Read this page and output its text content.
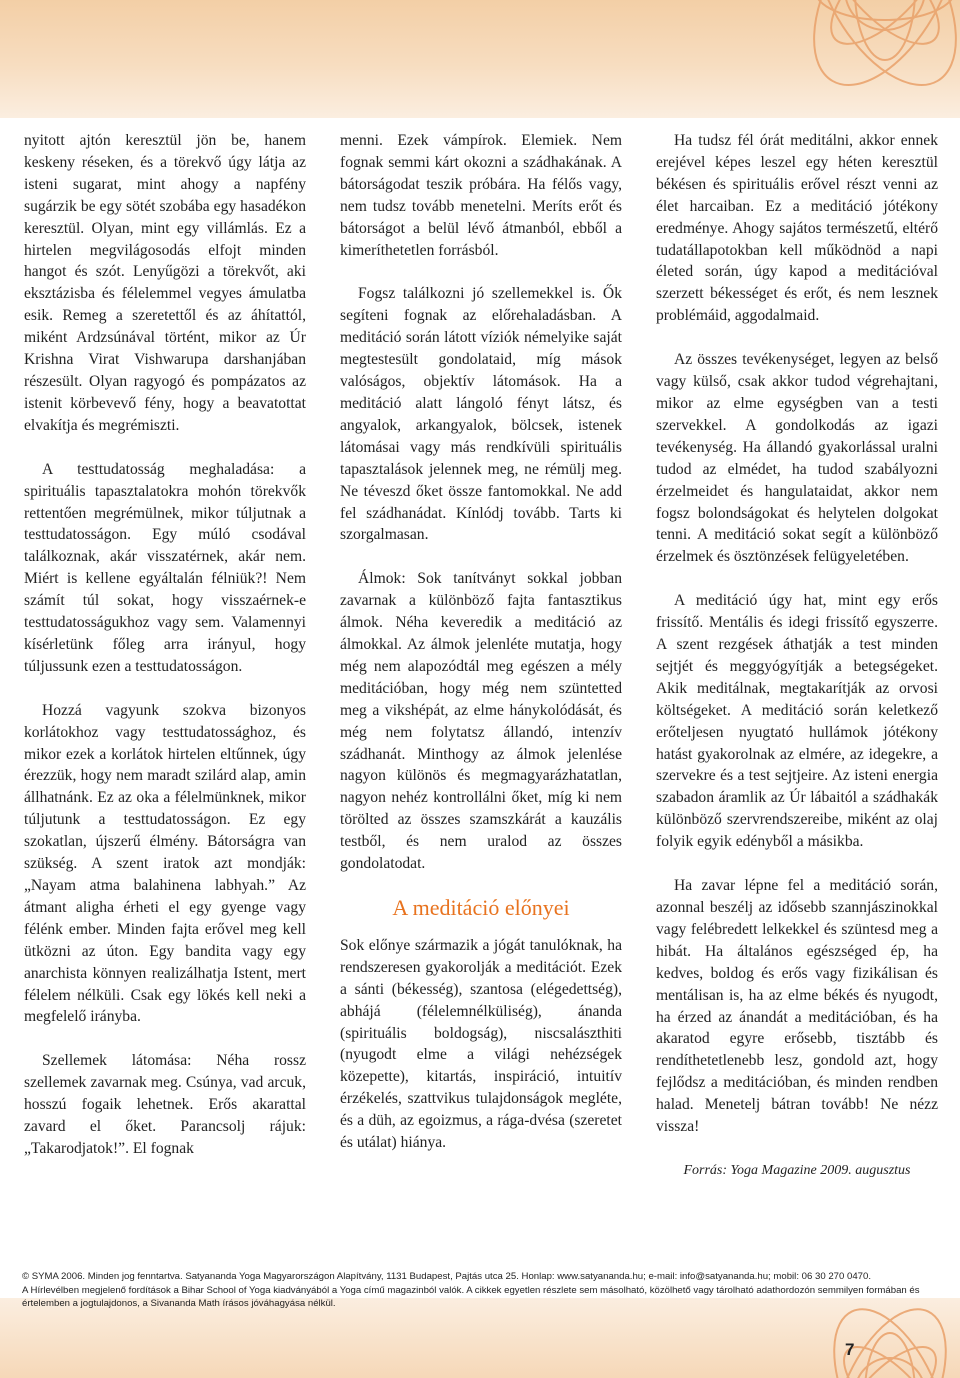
nyitott ajtón keresztül jön be, hanem keskeny réseken, és a törekvő úgy látja az isteni sugarat, mint ahogy a napfény sugárzik be egy sötét szobába egy hasadékon keresztül. Olyan, mint egy villámlás. Ez a hirtelen megvilágosodás elfojt minden hangot és szót. Lenyűgözi a törekvőt, aki eksztázisba és félelemmel vegyes ámulatba esik. Remeg a szeretettől és az áhítattól, miként Ardzsúnával történt, mikor az Úr Krishna Virat Vishwarupa darshanjában részesült. Olyan ragyogó és pompázatos az istenit körbevevő fény, hogy a beavatottat elvakítja és megrémiszti.

A testtudatosság meghaladása: a spirituális tapasztalatokra mohón törekvők rettentően megrémülnek, mikor túljutnak a testtudatosságon. Egy múló csodával találkoznak, akár visszatérnek, akár nem. Miért is kellene egyáltalán félniük?! Nem számít túl sokat, hogy visszaérnek-e testtudatosságukhoz vagy sem. Valamennyi kísérletünk főleg arra irányul, hogy túljussunk ezen a testtudatosságon.

Hozzá vagyunk szokva bizonyos korlátokhoz vagy testtudatossághoz, és mikor ezek a korlátok hirtelen eltűnnek, úgy érezzük, hogy nem maradt szilárd alap, amin állhatnánk. Ez az oka a félelmünknek, mikor túljutunk a testtudatosságon. Ez egy szokatlan, újszerű élmény. Bátorságra van szükség. A szent iratok azt mondják: „Nayam atma balahinena labhyah.” Az átmant aligha érheti el egy gyenge vagy félénk ember. Minden fajta erővel meg kell ütközni az úton. Egy bandita vagy egy anarchista könnyen realizálhatja Istent, mert félelem nélküli. Csak egy lökés kell neki a megfelelő irányba.

Szellemek látomása: Néha rossz szellemek zavarnak meg. Csúnya, vad arcuk, hosszú fogaik lehetnek. Erős akarattal zavard el őket. Parancsolj rájuk: „Takarodjatok!”. El fognak

menni. Ezek vámpírok. Elemiek. Nem fognak semmi kárt okozni a szádhakának. A bátorságodat teszik próbára. Ha félős vagy, nem tudsz tovább menetelni. Meríts erőt és bátorságot a belül lévő átmanból, ebből a kimeríthetetlen forrásból.

Fogsz találkozni jó szellemekkel is. Ők segíteni fognak az előrehaladásban. A meditáció során látott víziók némelyike saját megtestesült gondolataid, míg mások valóságos, objektív látomások. Ha a meditáció alatt lángoló fényt látsz, és angyalok, arkangyalok, bölcsek, istenek látomásai vagy más rendkívüli spirituális tapasztalások jelennek meg, ne rémülj meg. Ne téveszd őket össze fantomokkal. Ne add fel szádhanádat. Kínlódj tovább. Tarts ki szorgalmasan.

Álmok: Sok tanítványt sokkal jobban zavarnak a különböző fajta fantasztikus álmok. Néha keveredik a meditáció az álmokkal. Az álmok jelenléte mutatja, hogy még nem alapozódtál meg egészen a mély meditációban, hogy még nem szüntetted meg a vikshépát, az elme hánykolódását, és még nem folytatsz állandó, intenzív szádhanát. Minthogy az álmok jelenlése nagyon különös és megmagyarázhatatlan, nagyon nehéz kontrollálni őket, míg ki nem törölted az összes szamszkárát a kauzális testből, és nem uralod az összes gondolatodat.

A meditáció előnyei

Sok előnye származik a jógát tanulóknak, ha rendszeresen gyakorolják a meditációt. Ezek a sánti (békesség), szantosa (elégedettség), abhájá (félelemnélküliség), ánanda (spirituális boldogság), niscsalászthiti (nyugodt elme a világi nehézségek közepette), kitartás, inspiráció, intuitív érzékelés, szattvikus tulajdonságok megléte, és a düh, az egoizmus, a rága-dvésa (szeretet és utálat) hiánya.

Ha tudsz fél órát meditálni, akkor ennek erejével képes leszel egy héten keresztül békésen és spirituális erővel részt venni az élet harcaiban. Ez a meditáció jótékony eredménye. Ahogy sajátos természetű, eltérő tudatállapotokban kell működnöd a napi életed során, úgy kapod a meditációval szerzett békességet és erőt, és nem lesznek problémáid, aggodalmaid.

Az összes tevékenységet, legyen az belső vagy külső, csak akkor tudod végrehajtani, mikor az elme egységben van a testi szervekkel. A gondolkodás az igazi tevékenység. Ha állandó gyakorlással uralni tudod az elmédet, ha tudod szabályozni érzelmeidet és hangulataidat, akkor nem fogsz bolondságokat és helytelen dolgokat tenni. A meditáció sokat segít a különböző érzelmek és ösztönzések felügyeletében.

A meditáció úgy hat, mint egy erős frissítő. Mentális és idegi frissítő egyszerre. A szent rezgések áthatják a test minden sejtjét és meggyógyítják a betegségeket. Akik meditálnak, megtakarítják az orvosi költségeket. A meditáció során keletkező erőteljesen nyugtató hullámok jótékony hatást gyakorolnak az elmére, az idegekre, a szervekre és a test sejtjeire. Az isteni energia szabadon áramlik az Úr lábaitól a szádhakák különböző szervrendszereibe, miként az olaj folyik egyik edényből a másikba.

Ha zavar lépne fel a meditáció során, azonnal beszélj az idősebb szannjászinokkal vagy felébredett lelkekkel és szüntesd meg a hibát. Ha általános egészséged ép, ha kedves, boldog és erős vagy fizikálisan és mentálisan is, ha az elme békés és nyugodt, ha érzed az ánandát a meditációban, és ha akaratod egyre erősebb, tisztább és rendíthetetlenebb lesz, gondold azt, hogy fejlődsz a meditációban, és minden rendben halad. Menetelj bátran tovább! Ne nézz vissza!

Forrás: Yoga Magazine 2009. augusztus
© SYMA 2006. Minden jog fenntartva. Satyananda Yoga Magyarországon Alapítvány, 1131 Budapest, Pajtás utca 25. Honlap: www.satyananda.hu; e-mail: info@satyananda.hu; mobil: 06 30 270 0470.
A Hírlevélben megjelenő fordítások a Bihar School of Yoga kiadványából a Yoga című magazinból valók. A cikkek egyetlen részlete sem másolható, közölhető vagy tárolható adathordozón semmilyen formában és értelemben a jogtulajdonos, a Sivananda Math írásos jóváhagyása nélkül.
7
